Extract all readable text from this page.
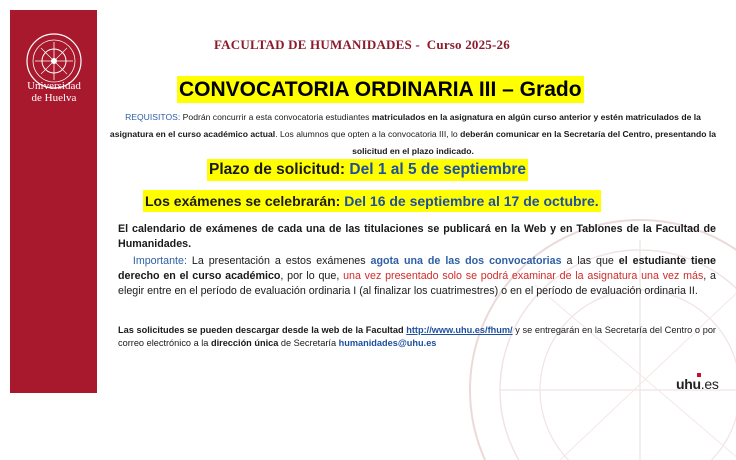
Universidad
de Huelva
FACULTAD DE HUMANIDADES -  Curso 2025-26
CONVOCATORIA ORDINARIA III – Grado
REQUISITOS: Podrán concurrir a esta convocatoria estudiantes matriculados en la asignatura en algún curso anterior y estén matriculados de la asignatura en el curso académico actual. Los alumnos que opten a la convocatoria III, lo deberán comunicar en la Secretaría del Centro, presentando la solicitud en el plazo indicado.
Plazo de solicitud: Del 1 al 5 de septiembre
Los exámenes se celebrarán: Del 16 de septiembre al 17 de octubre.
El calendario de exámenes de cada una de las titulaciones se publicará en la Web y en Tablones de la Facultad de Humanidades.
Importante: La presentación a estos exámenes agota una de las dos convocatorias a las que el estudiante tiene derecho en el curso académico, por lo que, una vez presentado solo se podrá examinar de la asignatura una vez más, a elegir entre en el período de evaluación ordinaria I (al finalizar los cuatrimestres) o en el período de evaluación ordinaria II.
Las solicitudes se pueden descargar desde la web de la Facultad http://www.uhu.es/fhum/ y se entregarán en la Secretaría del Centro o por correo electrónico a la dirección única de Secretaría humanidades@uhu.es
uhu.es
